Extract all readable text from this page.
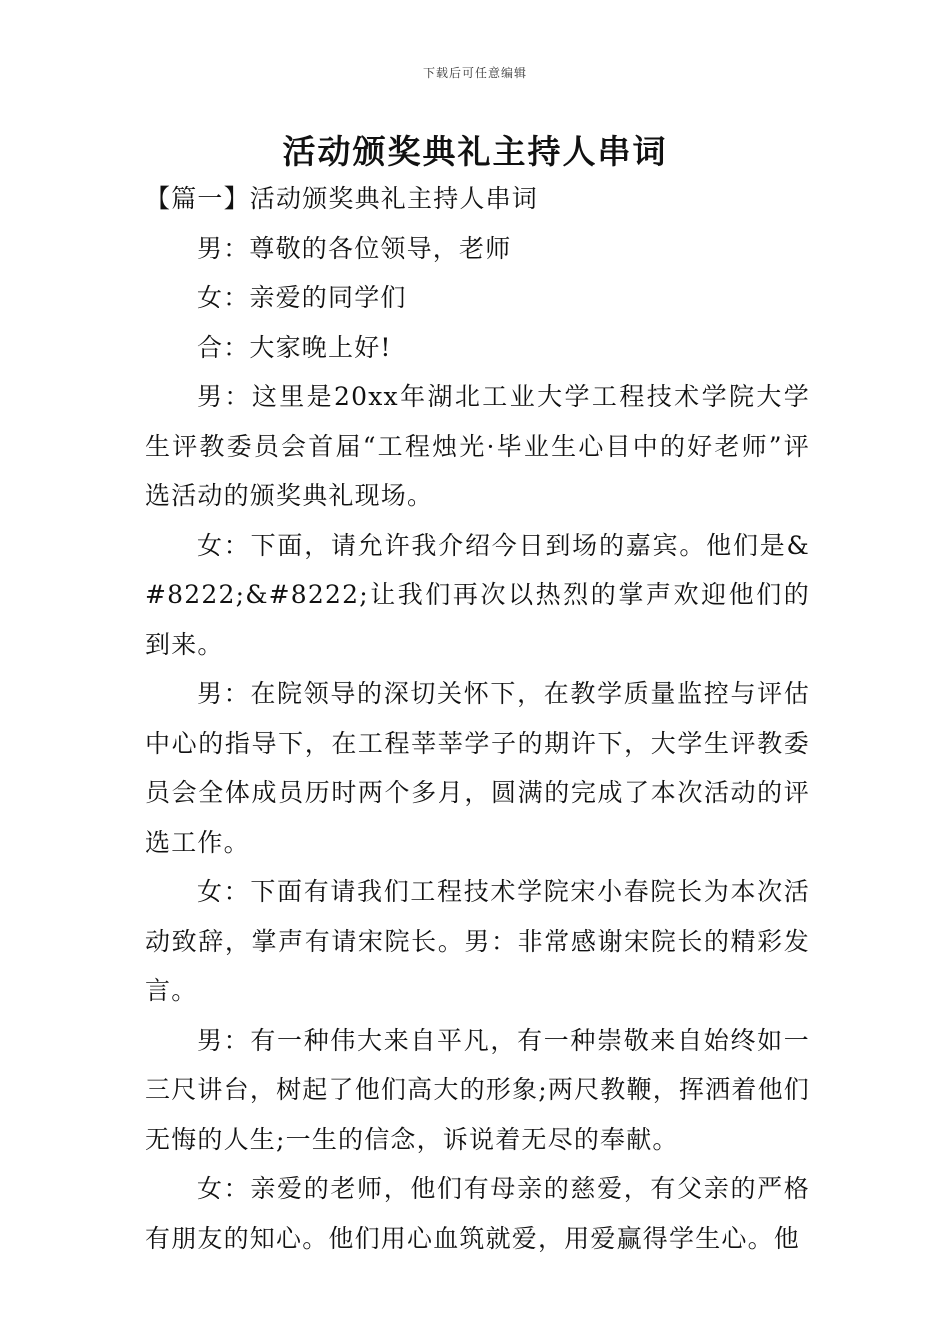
下载后可任意编辑
活动颁奖典礼主持人串词

【篇一】活动颁奖典礼主持人串词

男：尊敬的各位领导，老师

女：亲爱的同学们

合：大家晚上好!

男：这里是20xx年湖北工业大学工程技术学院大学生评教委员会首届“工程烛光·毕业生心目中的好老师”评选活动的颁奖典礼现场。

女：下面，请允许我介绍今日到场的嘉宾。他们是&#8222;&#8222;让我们再次以热烈的掌声欢迎他们的到来。

男：在院领导的深切关怀下，在教学质量监控与评估中心的指导下，在工程莘莘学子的期许下，大学生评教委员会全体成员历时两个多月，圆满的完成了本次活动的评选工作。

女：下面有请我们工程技术学院宋小春院长为本次活动致辞，掌声有请宋院长。男：非常感谢宋院长的精彩发言。

男：有一种伟大来自平凡，有一种崇敬来自始终如一三尺讲台，树起了他们高大的形象;两尺教鞭，挥洒着他们无悔的人生;一生的信念，诉说着无尽的奉献。

女：亲爱的老师，他们有母亲的慈爱，有父亲的严格有朋友的知心。他们用心血筑就爱，用爱赢得学生心。他
